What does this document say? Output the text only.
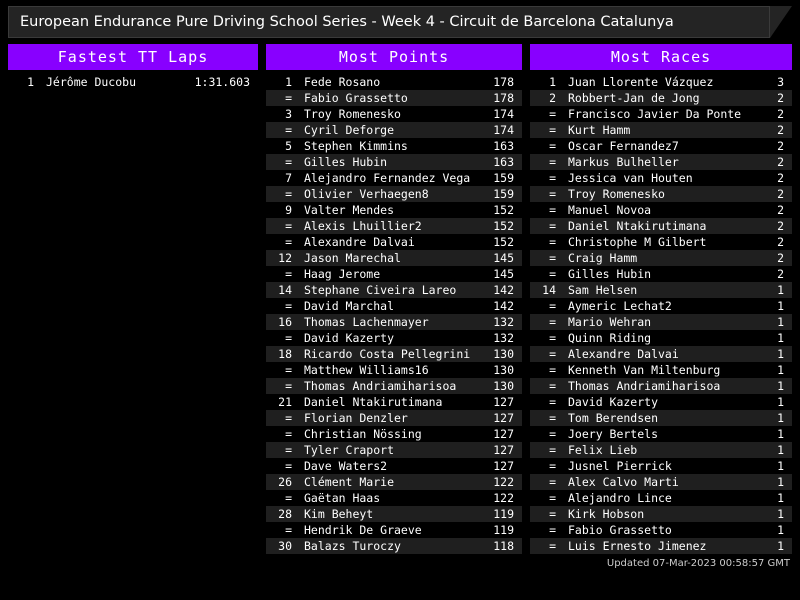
European Endurance Pure Driving School Series - Week 4 - Circuit de Barcelona Catalunya
Fastest TT Laps
1	Jérôme Ducobu	1:31.603
Most Points
1	Fede Rosano	178
=	Fabio Grassetto	178
3	Troy Romenesko	174
=	Cyril Deforge	174
5	Stephen Kimmins	163
=	Gilles Hubin	163
7	Alejandro Fernandez Vega	159
=	Olivier Verhaegen8	159
9	Valter Mendes	152
=	Alexis Lhuillier2	152
=	Alexandre Dalvai	152
12	Jason Marechal	145
=	Haag Jerome	145
14	Stephane Civeira Lareo	142
=	David Marchal	142
16	Thomas Lachenmayer	132
=	David Kazerty	132
18	Ricardo Costa Pellegrini	130
=	Matthew Williams16	130
=	Thomas Andriamiharisoa	130
21	Daniel Ntakirutimana	127
=	Florian Denzler	127
=	Christian Nössing	127
=	Tyler Craport	127
=	Dave Waters2	127
26	Clément Marie	122
=	Gaëtan Haas	122
28	Kim Beheyt	119
=	Hendrik De Graeve	119
30	Balazs Turoczy	118
Most Races
1	Juan Llorente Vázquez	3
2	Robbert-Jan de Jong	2
=	Francisco Javier Da Ponte	2
=	Kurt Hamm	2
=	Oscar Fernandez7	2
=	Markus Bulheller	2
=	Jessica van Houten	2
=	Troy Romenesko	2
=	Manuel Novoa	2
=	Daniel Ntakirutimana	2
=	Christophe M Gilbert	2
=	Craig Hamm	2
=	Gilles Hubin	2
14	Sam Helsen	1
=	Aymeric Lechat2	1
=	Mario Wehran	1
=	Quinn Riding	1
=	Alexandre Dalvai	1
=	Kenneth Van Miltenburg	1
=	Thomas Andriamiharisoa	1
=	David Kazerty	1
=	Tom Berendsen	1
=	Joery Bertels	1
=	Felix Lieb	1
=	Jusnel Pierrick	1
=	Alex Calvo Marti	1
=	Alejandro Lince	1
=	Kirk Hobson	1
=	Fabio Grassetto	1
=	Luis Ernesto Jimenez	1
Updated 07-Mar-2023 00:58:57 GMT
